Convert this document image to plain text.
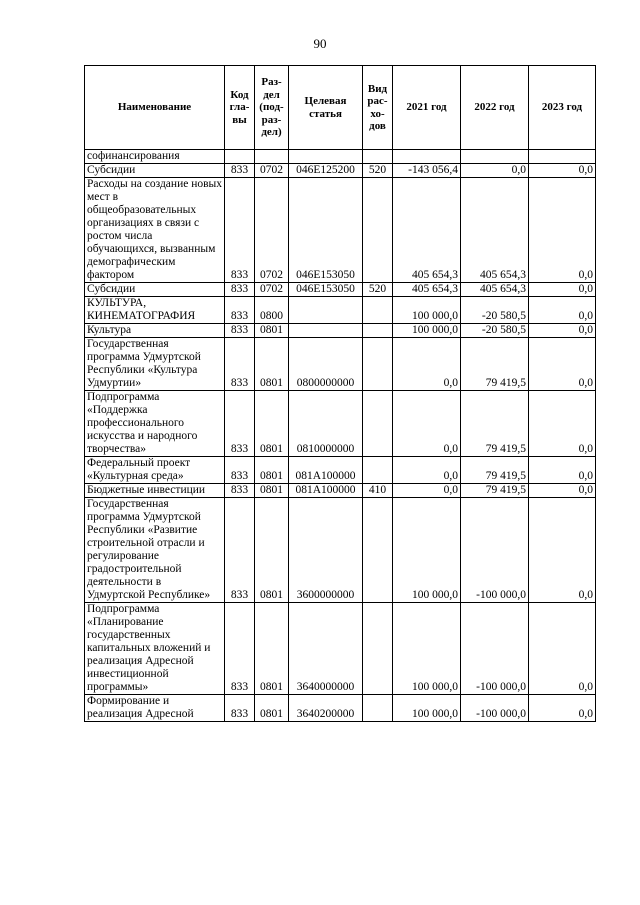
90
Наименование	Код гла- вы	Раз- дел (под- раз- дел)	Целевая статья	Вид рас- хо- дов	2021 год	2022 год	2023 год
софинансирования							
Субсидии	833	0702	046Е125200	520	-143 056,4	0,0	0,0
Расходы на создание новых мест в общеобразовательных организациях в связи с ростом числа обучающихся, вызванным демографическим фактором	833	0702	046Е153050		405 654,3	405 654,3	0,0
Субсидии	833	0702	046Е153050	520	405 654,3	405 654,3	0,0
КУЛЬТУРА, КИНЕМАТОГРАФИЯ	833	0800			100 000,0	-20 580,5	0,0
Культура	833	0801			100 000,0	-20 580,5	0,0
Государственная программа Удмуртской Республики «Культура Удмуртии»	833	0801	0800000000		0,0	79 419,5	0,0
Подпрограмма «Поддержка профессионального искусства и народного творчества»	833	0801	0810000000		0,0	79 419,5	0,0
Федеральный проект «Культурная среда»	833	0801	081А100000		0,0	79 419,5	0,0
Бюджетные инвестиции	833	0801	081А100000	410	0,0	79 419,5	0,0
Государственная программа Удмуртской Республики «Развитие строительной отрасли и регулирование градостроительной деятельности в Удмуртской Республике»	833	0801	3600000000		100 000,0	-100 000,0	0,0
Подпрограмма «Планирование государственных капитальных вложений и реализация Адресной инвестиционной программы»	833	0801	3640000000		100 000,0	-100 000,0	0,0
Формирование и реализация Адресной	833	0801	3640200000		100 000,0	-100 000,0	0,0
